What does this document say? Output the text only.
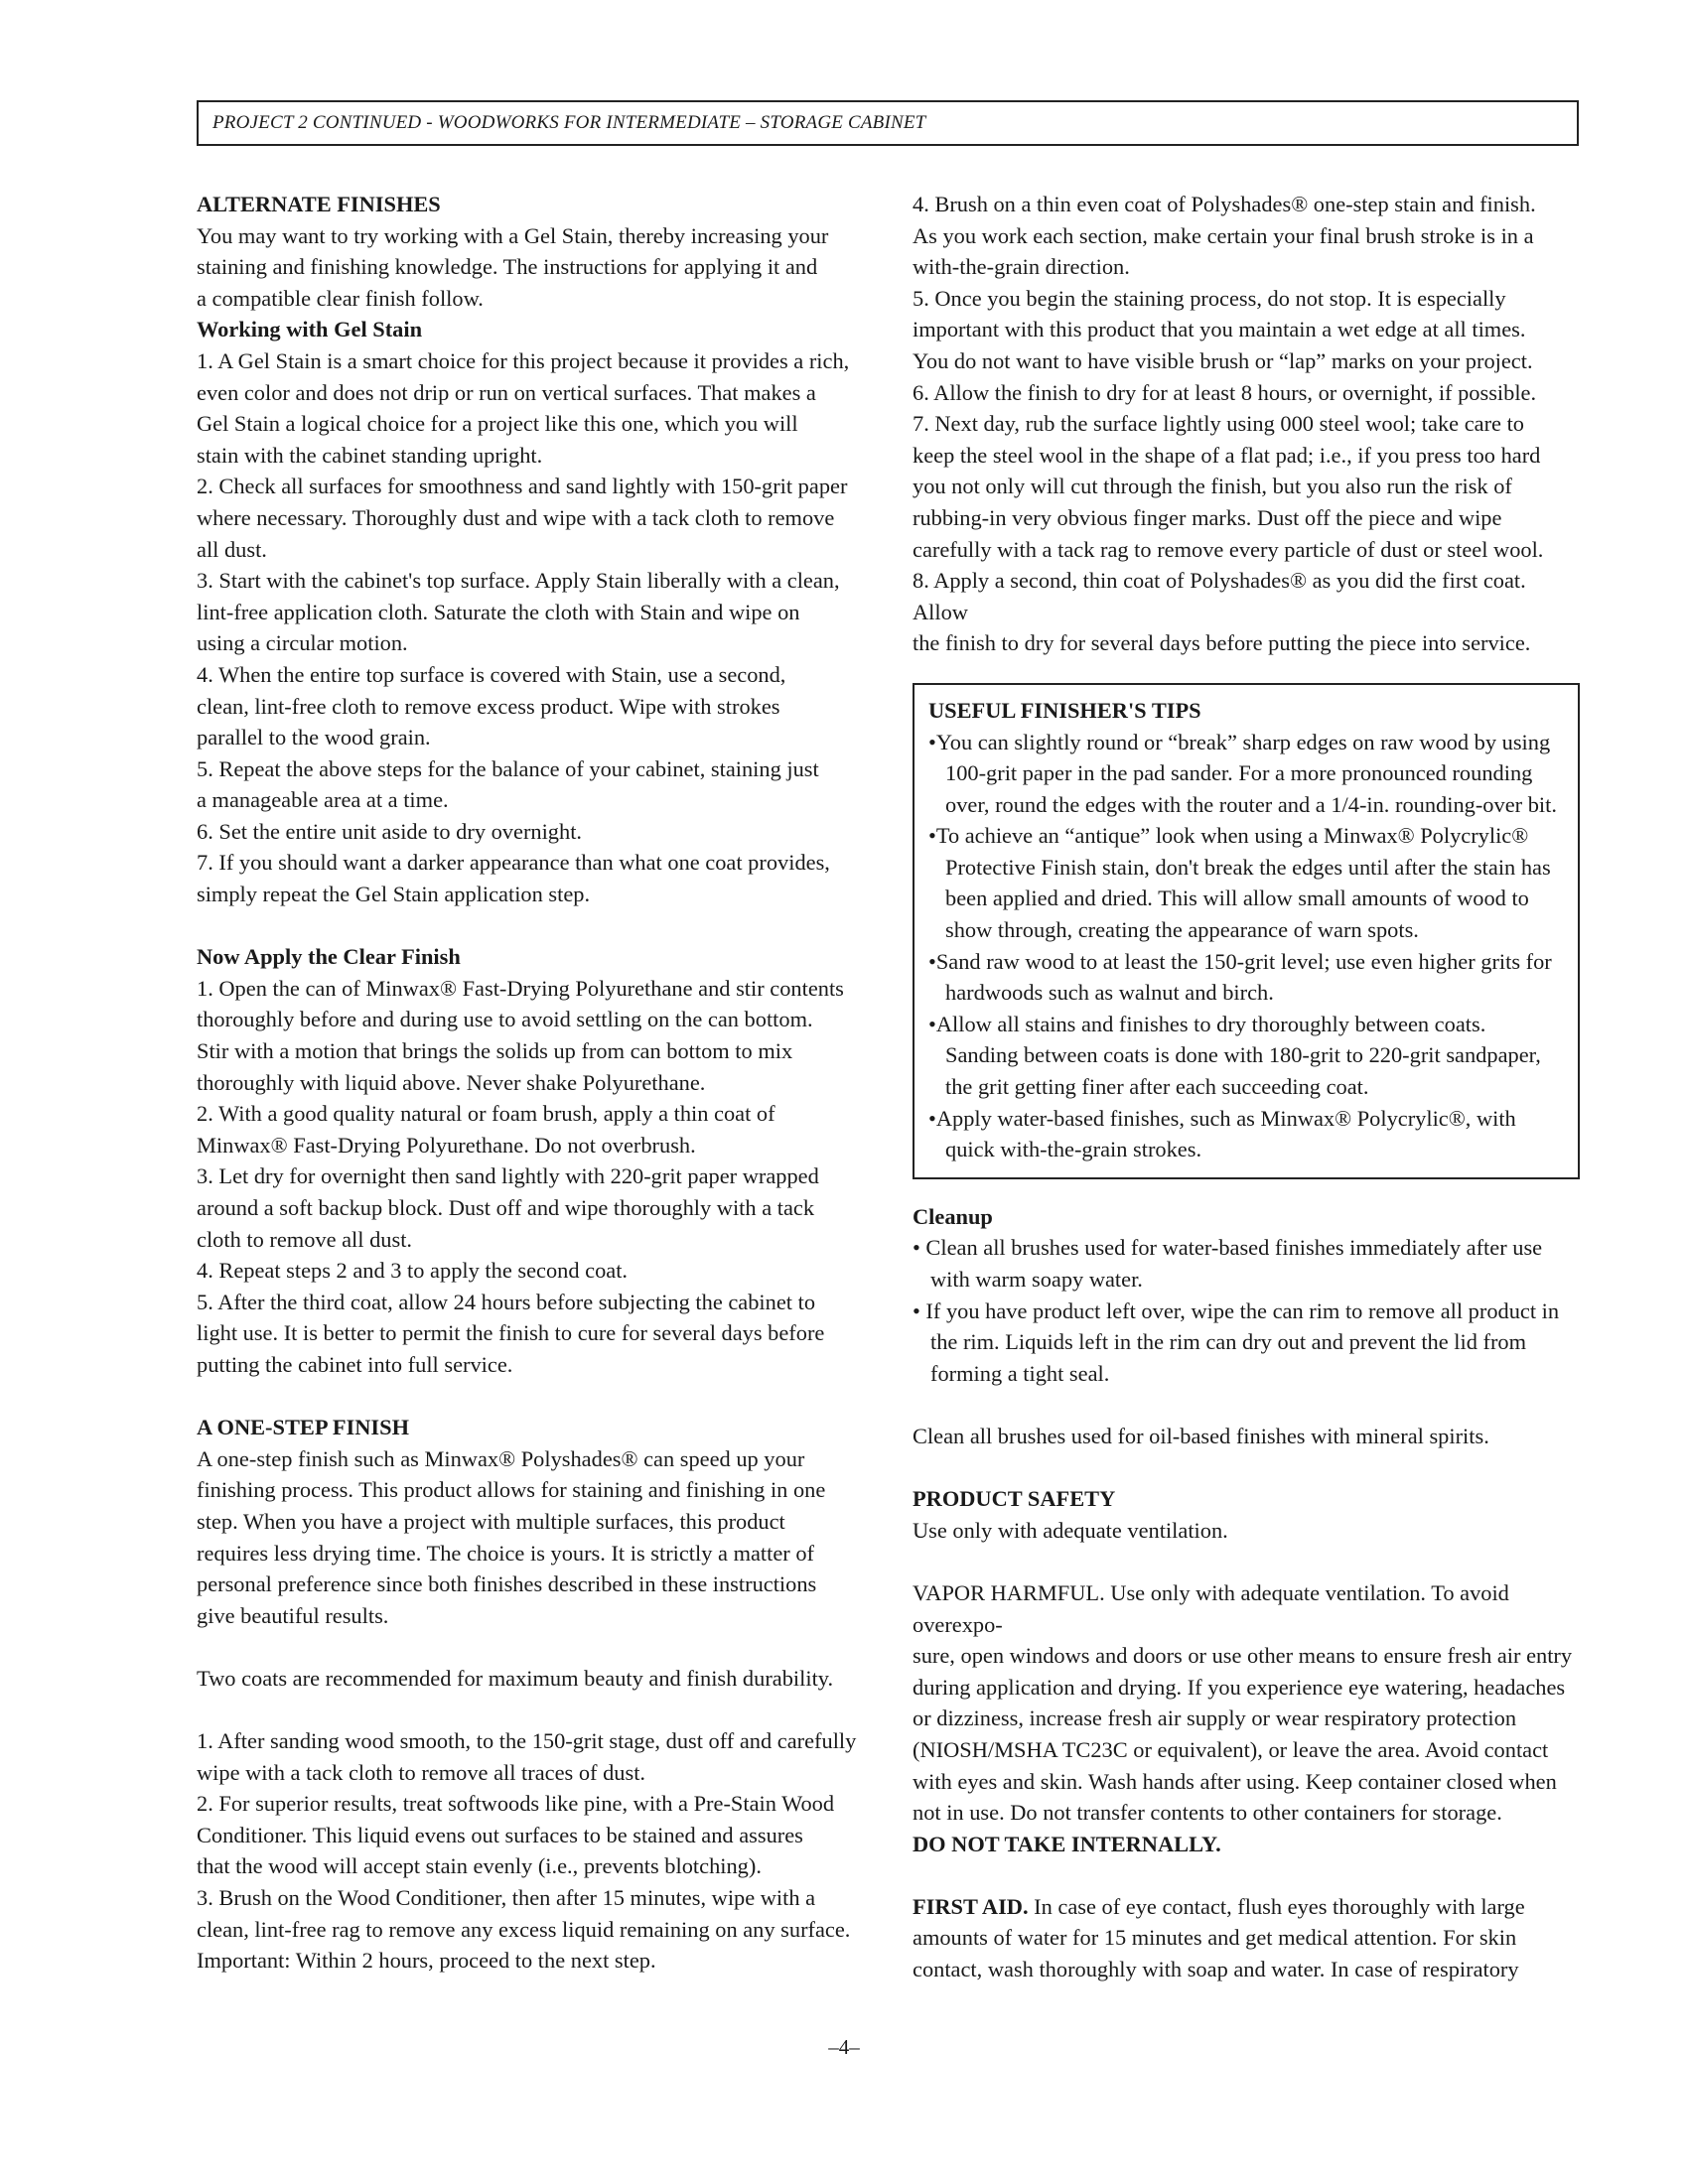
PROJECT 2 CONTINUED - WOODWORKS FOR INTERMEDIATE – STORAGE CABINET

ALTERNATE FINISHES

You may want to try working with a Gel Stain, thereby increasing your

staining and finishing knowledge. The instructions for applying it and

a compatible clear finish follow.

Working with Gel Stain

1. A Gel Stain is a smart choice for this project because it provides a rich,

even color and does not drip or run on vertical surfaces. That makes a

Gel Stain a logical choice for a project like this one, which you will

stain with the cabinet standing upright.

2. Check all surfaces for smoothness and sand lightly with 150-grit paper

where necessary. Thoroughly dust and wipe with a tack cloth to remove

all dust.

3. Start with the cabinet's top surface. Apply Stain liberally with a clean,

lint-free application cloth. Saturate the cloth with Stain and wipe on

using a circular motion.

4. When the entire top surface is covered with Stain, use a second,

clean, lint-free cloth to remove excess product. Wipe with strokes

parallel to the wood grain.

5. Repeat the above steps for the balance of your cabinet, staining just

a manageable area at a time.

6. Set the entire unit aside to dry overnight.

7. If you should want a darker appearance than what one coat provides,

simply repeat the Gel Stain application step.

Now Apply the Clear Finish

1. Open the can of Minwax® Fast-Drying Polyurethane and stir contents

thoroughly before and during use to avoid settling on the can bottom.

Stir with a motion that brings the solids up from can bottom to mix

thoroughly with liquid above. Never shake Polyurethane.

2. With a good quality natural or foam brush, apply a thin coat of

Minwax® Fast-Drying Polyurethane. Do not overbrush.

3. Let dry for overnight then sand lightly with 220-grit paper wrapped

around a soft backup block. Dust off and wipe thoroughly with a tack

cloth to remove all dust.

4. Repeat steps 2 and 3 to apply the second coat.

5. After the third coat, allow 24 hours before subjecting the cabinet to

light use. It is better to permit the finish to cure for several days before

putting the cabinet into full service.

A ONE-STEP FINISH

A one-step finish such as Minwax® Polyshades® can speed up your

finishing process. This product allows for staining and finishing in one

step. When you have a project with multiple surfaces, this product

requires less drying time. The choice is yours. It is strictly a matter of

personal preference since both finishes described in these instructions

give beautiful results.

Two coats are recommended for maximum beauty and finish durability.

1. After sanding wood smooth, to the 150-grit stage, dust off and carefully

wipe with a tack cloth to remove all traces of dust.

2. For superior results, treat softwoods like pine, with a Pre-Stain Wood

Conditioner. This liquid evens out surfaces to be stained and assures

that the wood will accept stain evenly (i.e., prevents blotching).

3. Brush on the Wood Conditioner, then after 15 minutes, wipe with a

clean, lint-free rag to remove any excess liquid remaining on any surface.

Important: Within 2 hours, proceed to the next step.

4. Brush on a thin even coat of Polyshades® one-step stain and finish.

As you work each section, make certain your final brush stroke is in a

with-the-grain direction.

5. Once you begin the staining process, do not stop. It is especially

important with this product that you maintain a wet edge at all times.

You do not want to have visible brush or “lap” marks on your project.

6. Allow the finish to dry for at least 8 hours, or overnight, if possible.

7. Next day, rub the surface lightly using 000 steel wool; take care to

keep the steel wool in the shape of a flat pad; i.e., if you press too hard

you not only will cut through the finish, but you also run the risk of

rubbing-in very obvious finger marks. Dust off the piece and wipe

carefully with a tack rag to remove every particle of dust or steel wool.

8. Apply a second, thin coat of Polyshades® as you did the first coat. Allow

the finish to dry for several days before putting the piece into service.

USEFUL FINISHER'S TIPS

•You can slightly round or “break” sharp edges on raw wood by using 100-grit paper in the pad sander. For a more pronounced rounding over, round the edges with the router and a 1/4-in. rounding-over bit.

•To achieve an “antique” look when using a Minwax® Polycrylic® Protective Finish stain, don't break the edges until after the stain has been applied and dried. This will allow small amounts of wood to show through, creating the appearance of warn spots.

•Sand raw wood to at least the 150-grit level; use even higher grits for hardwoods such as walnut and birch.

•Allow all stains and finishes to dry thoroughly between coats. Sanding between coats is done with 180-grit to 220-grit sandpaper, the grit getting finer after each succeeding coat.

•Apply water-based finishes, such as Minwax® Polycrylic®, with quick with-the-grain strokes.

Cleanup

• Clean all brushes used for water-based finishes immediately after use with warm soapy water.

• If you have product left over, wipe the can rim to remove all product in the rim. Liquids left in the rim can dry out and prevent the lid from forming a tight seal.

Clean all brushes used for oil-based finishes with mineral spirits.

PRODUCT SAFETY

Use only with adequate ventilation.

VAPOR HARMFUL. Use only with adequate ventilation. To avoid overexpo-

sure, open windows and doors or use other means to ensure fresh air entry

during application and drying. If you experience eye watering, headaches

or dizziness, increase fresh air supply or wear respiratory protection

(NIOSH/MSHA TC23C or equivalent), or leave the area. Avoid contact

with eyes and skin. Wash hands after using. Keep container closed when

not in use. Do not transfer contents to other containers for storage.

DO NOT TAKE INTERNALLY.

FIRST AID. In case of eye contact, flush eyes thoroughly with large

amounts of water for 15 minutes and get medical attention. For skin

contact, wash thoroughly with soap and water. In case of respiratory

–4–
